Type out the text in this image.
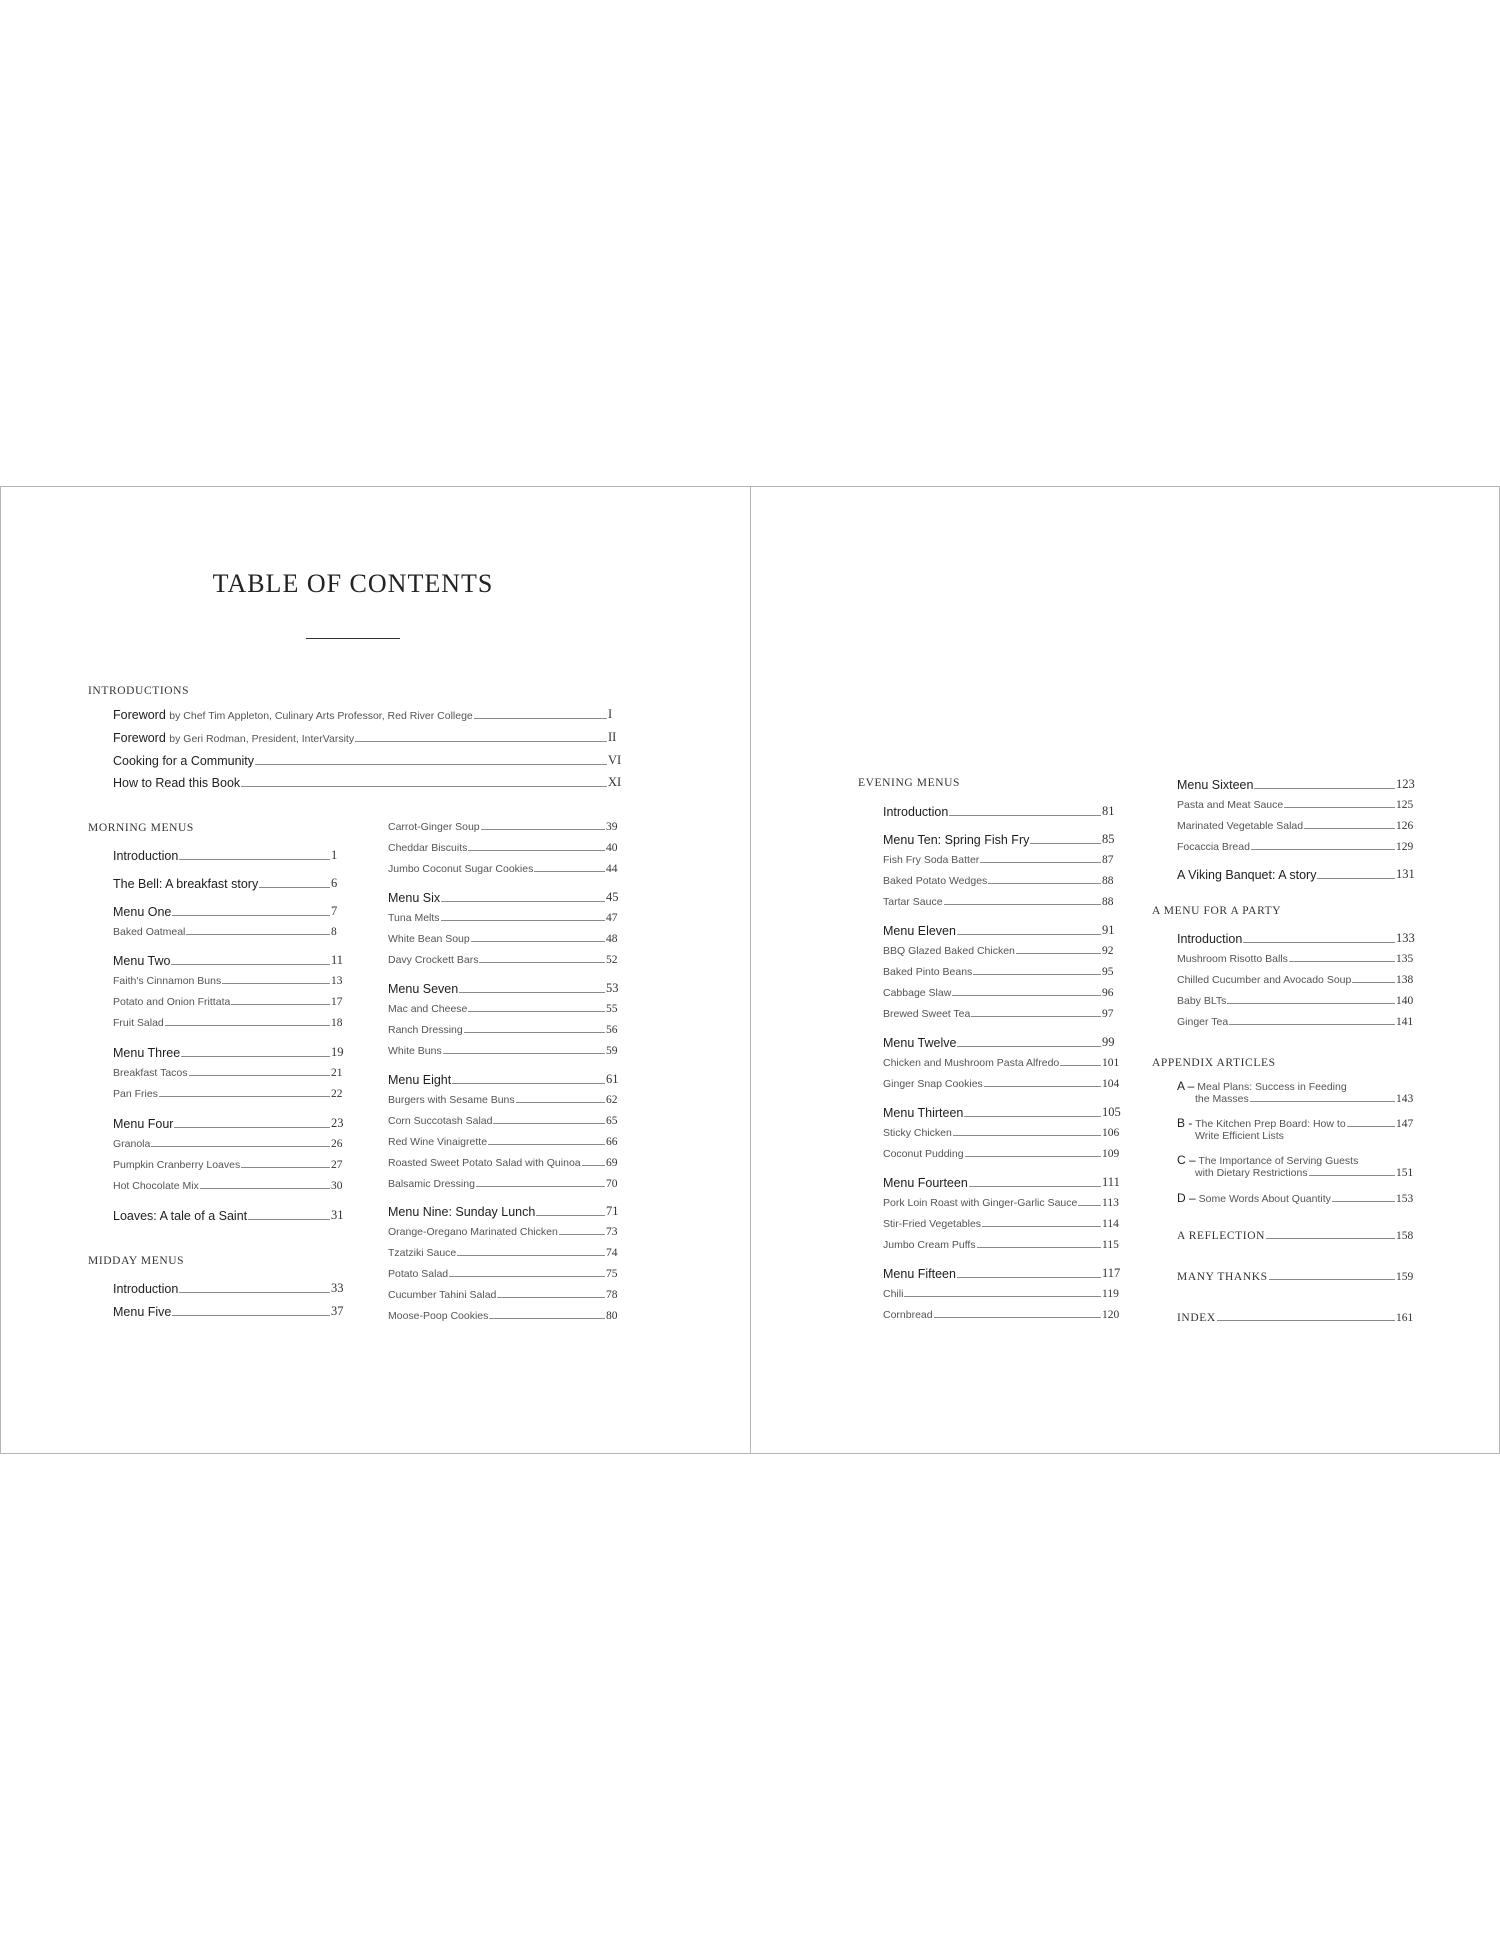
TABLE OF CONTENTS
INTRODUCTIONS
Foreword by Chef Tim Appleton, Culinary Arts Professor, Red River College	I
Foreword by Geri Rodman, President, InterVarsity	II
Cooking for a Community	VI
How to Read this Book	XI
MORNING MENUS
Introduction	1
The Bell: A breakfast story	6
Menu One	7
Baked Oatmeal	8
Menu Two	11
Faith's Cinnamon Buns	13
Potato and Onion Frittata	17
Fruit Salad	18
Menu Three	19
Breakfast Tacos	21
Pan Fries	22
Menu Four	23
Granola	26
Pumpkin Cranberry Loaves	27
Hot Chocolate Mix	30
Loaves: A tale of a Saint	31
MIDDAY MENUS
Introduction	33
Menu Five	37
Carrot-Ginger Soup	39
Cheddar Biscuits	40
Jumbo Coconut Sugar Cookies	44
Menu Six	45
Tuna Melts	47
White Bean Soup	48
Davy Crockett Bars	52
Menu Seven	53
Mac and Cheese	55
Ranch Dressing	56
White Buns	59
Menu Eight	61
Burgers with Sesame Buns	62
Corn Succotash Salad	65
Red Wine Vinaigrette	66
Roasted Sweet Potato Salad with Quinoa 69
Balsamic Dressing	70
Menu Nine: Sunday Lunch	71
Orange-Oregano Marinated Chicken	73
Tzatziki Sauce	74
Potato Salad	75
Cucumber Tahini Salad	78
Moose-Poop Cookies	80
EVENING MENUS
Introduction	81
Menu Ten: Spring Fish Fry	85
Fish Fry Soda Batter	87
Baked Potato Wedges	88
Tartar Sauce	88
Menu Eleven	91
BBQ Glazed Baked Chicken	92
Baked Pinto Beans	95
Cabbage Slaw	96
Brewed Sweet Tea	97
Menu Twelve	99
Chicken and Mushroom Pasta Alfredo	101
Ginger Snap Cookies	104
Menu Thirteen	105
Sticky Chicken	106
Coconut Pudding	109
Menu Fourteen	111
Pork Loin Roast with Ginger-Garlic Sauce 113
Stir-Fried Vegetables	114
Jumbo Cream Puffs	115
Menu Fifteen	117
Chili	119
Cornbread	120
Menu Sixteen	123
Pasta and Meat Sauce	125
Marinated Vegetable Salad	126
Focaccia Bread	129
A Viking Banquet: A story	131
A MENU FOR A PARTY
Introduction	133
Mushroom Risotto Balls	135
Chilled Cucumber and Avocado Soup	138
Baby BLTs	140
Ginger Tea	141
APPENDIX ARTICLES
A – Meal Plans: Success in Feeding
the Masses	143
B - The Kitchen Prep Board: How to	147
Write Efficient Lists
C – The Importance of Serving Guests
with Dietary Restrictions	151
D – Some Words About Quantity	153
A REFLECTION	158
MANY THANKS	159
INDEX	161
